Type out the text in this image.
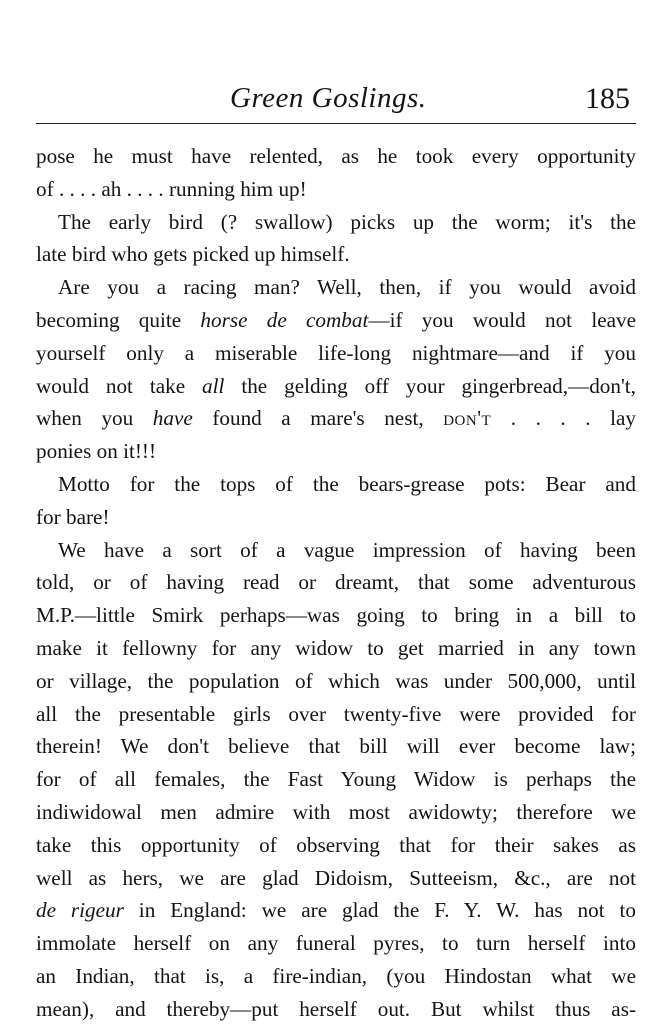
Green Goslings.	185
pose he must have relented, as he took every opportunity
of . . . . ah . . . . running him up!
The early bird (? swallow) picks up the worm; it's the
late bird who gets picked up himself.
Are you a racing man? Well, then, if you would avoid
becoming quite horse de combat—if you would not leave
yourself only a miserable life-long nightmare—and if you
would not take all the gelding off your gingerbread,—don't,
when you have found a mare's nest, don't . . . . lay
ponies on it!!!
Motto for the tops of the bears-grease pots: Bear and
for bare!
We have a sort of a vague impression of having been
told, or of having read or dreamt, that some adventurous
M.P.—little Smirk perhaps—was going to bring in a bill to
make it fellowny for any widow to get married in any town
or village, the population of which was under 500,000, until
all the presentable girls over twenty-five were provided for
therein! We don't believe that bill will ever become law;
for of all females, the Fast Young Widow is perhaps the
indiwidowal men admire with most awidowty; therefore we
take this opportunity of observing that for their sakes as
well as hers, we are glad Didoism, Sutteeism, &c., are not
de rigeur in England: we are glad the F. Y. W. has not to
immolate herself on any funeral pyres, to turn herself into
an Indian, that is, a fire-indian, (you Hindostan what we
mean), and thereby—put herself out. But whilst thus as-
